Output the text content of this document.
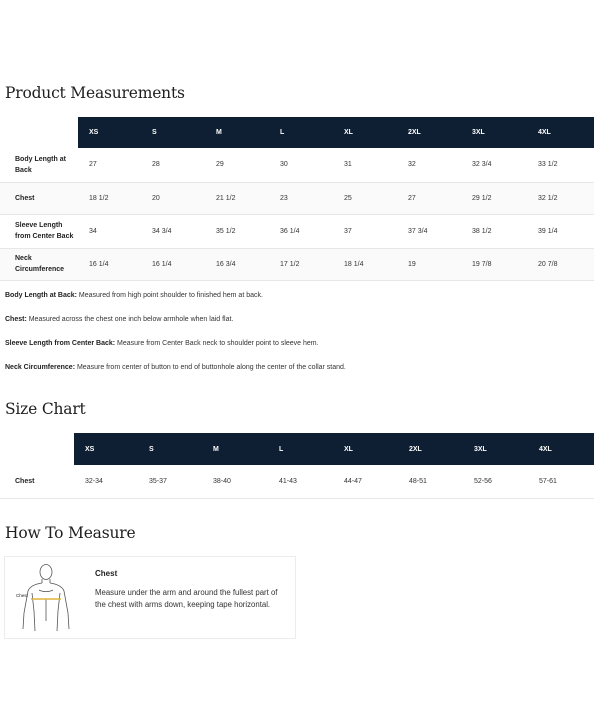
Product Measurements
	XS	S	M	L	XL	2XL	3XL	4XL
Body Length at Back	27	28	29	30	31	32	32 3/4	33 1/2
Chest	18 1/2	20	21 1/2	23	25	27	29 1/2	32 1/2
Sleeve Length from Center Back	34	34 3/4	35 1/2	36 1/4	37	37 3/4	38 1/2	39 1/4
Neck Circumference	16 1/4	16 1/4	16 3/4	17 1/2	18 1/4	19	19 7/8	20 7/8

Body Length at Back: Measured from high point shoulder to finished hem at back.

Chest: Measured across the chest one inch below armhole when laid flat.

Sleeve Length from Center Back: Measure from Center Back neck to shoulder point to sleeve hem.

Neck Circumference: Measure from center of button to end of buttonhole along the center of the collar stand.

Size Chart
	XS	S	M	L	XL	2XL	3XL	4XL
Chest	32-34	35-37	38-40	41-43	44-47	48-51	52-56	57-61
How To Measure
Chest
Chest
Measure under the arm and around the fullest part of the chest with arms down, keeping tape horizontal.
